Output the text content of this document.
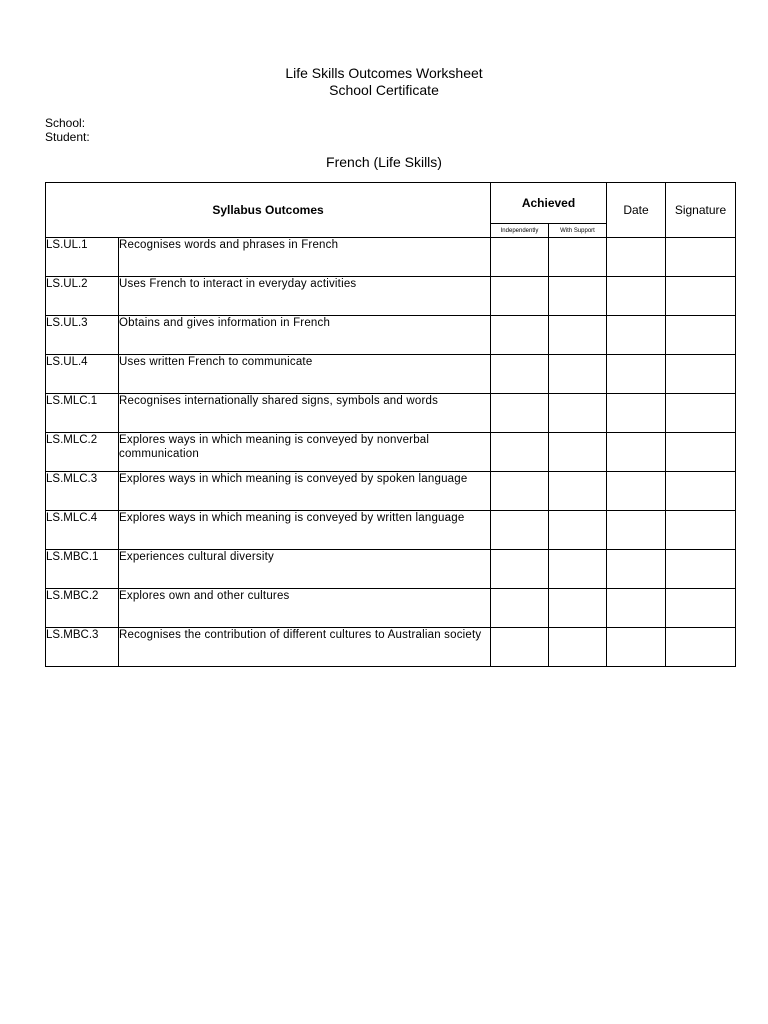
Life Skills Outcomes Worksheet
School Certificate
School:
Student:
French (Life Skills)
Syllabus Outcomes		Achieved		Date	Signature
		Independently	With Support		
LS.UL.1	Recognises words and phrases in French				
LS.UL.2	Uses French to interact in everyday activities				
LS.UL.3	Obtains and gives information in French				
LS.UL.4	Uses written French to communicate				
LS.MLC.1	Recognises internationally shared signs, symbols and words				
LS.MLC.2	Explores ways in which meaning is conveyed by nonverbal communication				
LS.MLC.3	Explores ways in which meaning is conveyed by spoken language				
LS.MLC.4	Explores ways in which meaning is conveyed by written language				
LS.MBC.1	Experiences cultural diversity				
LS.MBC.2	Explores own and other cultures				
LS.MBC.3	Recognises the contribution of different cultures to Australian society				
